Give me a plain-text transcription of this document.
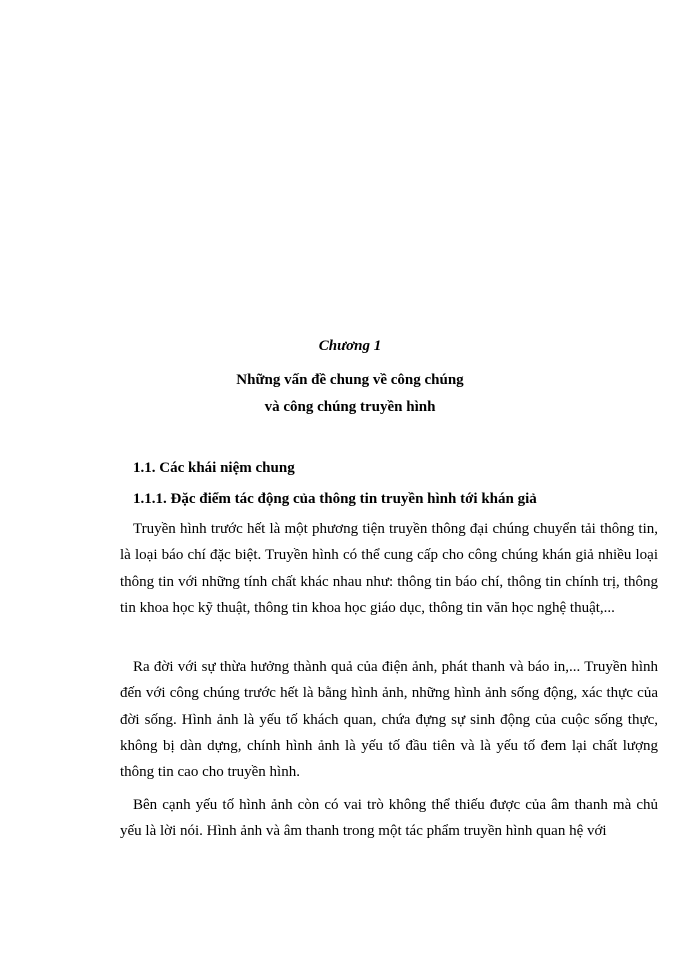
Chương 1
Những vấn đề chung về công chúng
và công chúng truyền hình
1.1. Các khái niệm chung
1.1.1. Đặc điểm tác động của thông tin truyền hình tới khán giả

Truyền hình trước hết là một phương tiện truyền thông đại chúng chuyển tải thông tin, là loại báo chí đặc biệt. Truyền hình có thể cung cấp cho công chúng khán giả nhiều loại thông tin với những tính chất khác nhau như: thông tin báo chí, thông tin chính trị, thông tin khoa học kỹ thuật, thông tin khoa học giáo dục, thông tin văn học nghệ thuật,...

Ra đời với sự thừa hưởng thành quả của điện ảnh, phát thanh và báo in,... Truyền hình đến với công chúng trước hết là bằng hình ảnh, những hình ảnh sống động, xác thực của đời sống. Hình ảnh là yếu tố khách quan, chứa đựng sự sinh động của cuộc sống thực, không bị dàn dựng, chính hình ảnh là yếu tố đầu tiên và là yếu tố đem lại chất lượng thông tin cao cho truyền hình.

Bên cạnh yếu tố hình ảnh còn có vai trò không thể thiếu được của âm thanh mà chủ yếu là lời nói. Hình ảnh và âm thanh trong một tác phẩm truyền hình quan hệ với
